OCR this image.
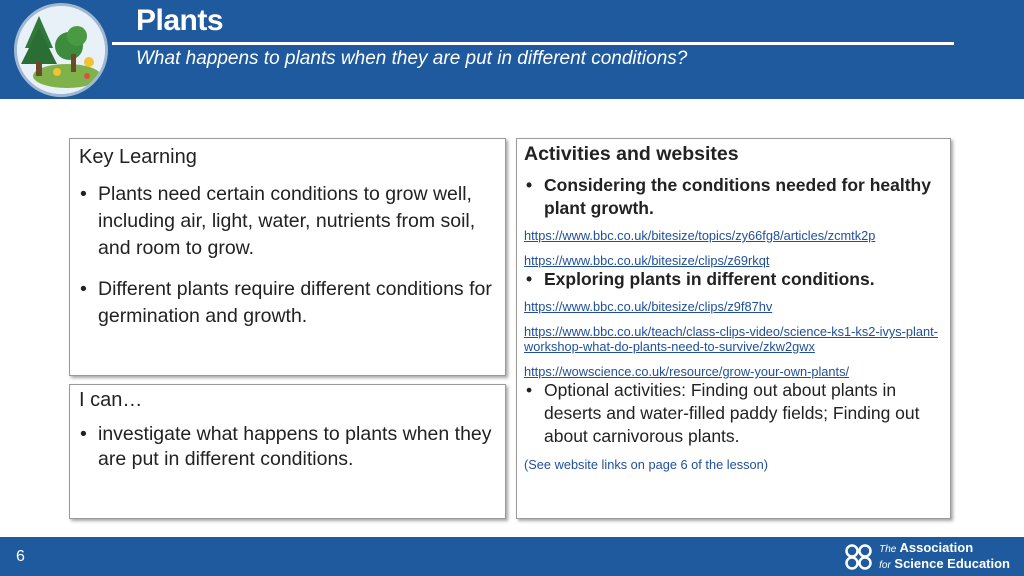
Plants
What happens to plants when they are put in different conditions?
Key Learning
• Plants need certain conditions to grow well, including air, light, water, nutrients from soil, and room to grow.
• Different plants require different conditions for germination and growth.
I can…
• investigate what happens to plants when they are put in different conditions.
Activities and websites
• Considering the conditions needed for healthy plant growth.
https://www.bbc.co.uk/bitesize/topics/zy66fg8/articles/zcmtk2p
https://www.bbc.co.uk/bitesize/clips/z69rkqt
• Exploring plants in different conditions.
https://www.bbc.co.uk/bitesize/clips/z9f87hv
https://www.bbc.co.uk/teach/class-clips-video/science-ks1-ks2-ivys-plant-workshop-what-do-plants-need-to-survive/zkw2gwx
https://wowscience.co.uk/resource/grow-your-own-plants/
• Optional activities: Finding out about plants in deserts and water-filled paddy fields; Finding out about carnivorous plants.
(See website links on page 6 of the lesson)
6	The Association
for Science Education
